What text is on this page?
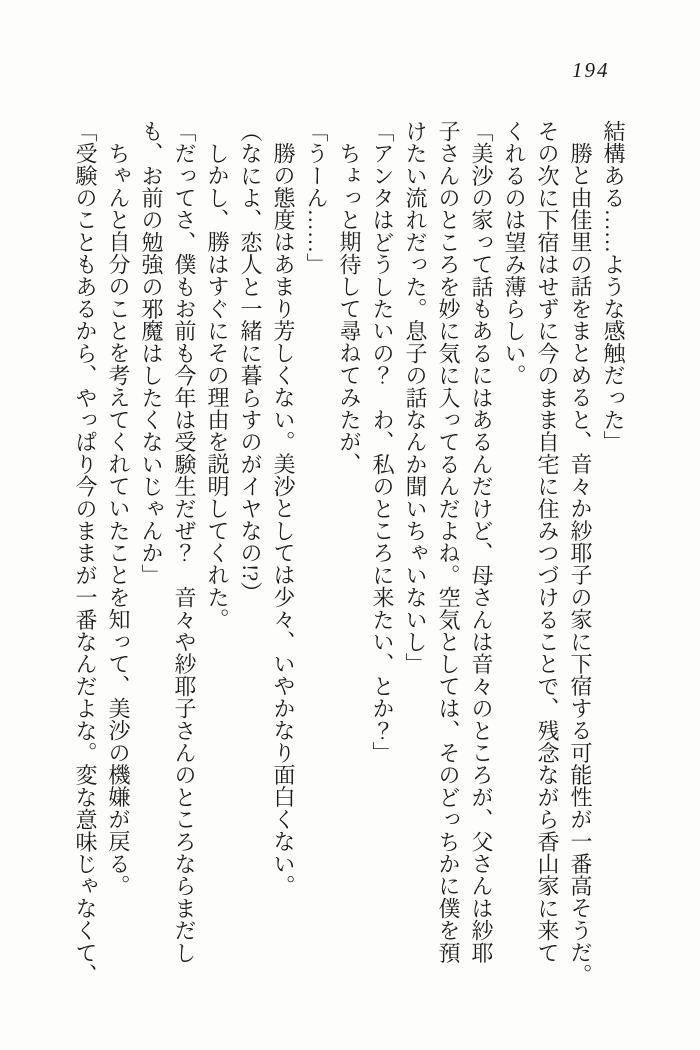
194

結構ある……ような感触だった」

勝と由佳里の話をまとめると、音々か紗耶子の家に下宿する可能性が一番高そうだ。

その次に下宿はせずに今のまま自宅に住みつづけることで、残念ながら香山家に来て

くれるのは望み薄らしい。

「美沙の家って話もあるにはあるんだけど、母さんは音々のところが、父さんは紗耶

子さんのところを妙に気に入ってるんだよね。空気としては、そのどっちかに僕を預

けたい流れだった。息子の話なんか聞いちゃいないし」

「アンタはどうしたいの？　わ、私のところに来たい、とか？」

ちょっと期待して尋ねてみたが、

「うーん……」

勝の態度はあまり芳しくない。美沙としては少々、いやかなり面白くない。

（なによ、恋人と一緒に暮らすのがイヤなの!?）

しかし、勝はすぐにその理由を説明してくれた。

「だってさ、僕もお前も今年は受験生だぜ？　音々や紗耶子さんのところならまだし

も、お前の勉強の邪魔はしたくないじゃんか」

ちゃんと自分のことを考えてくれていたことを知って、美沙の機嫌が戻る。

「受験のこともあるから、やっぱり今のままが一番なんだよな。変な意味じゃなくて、
